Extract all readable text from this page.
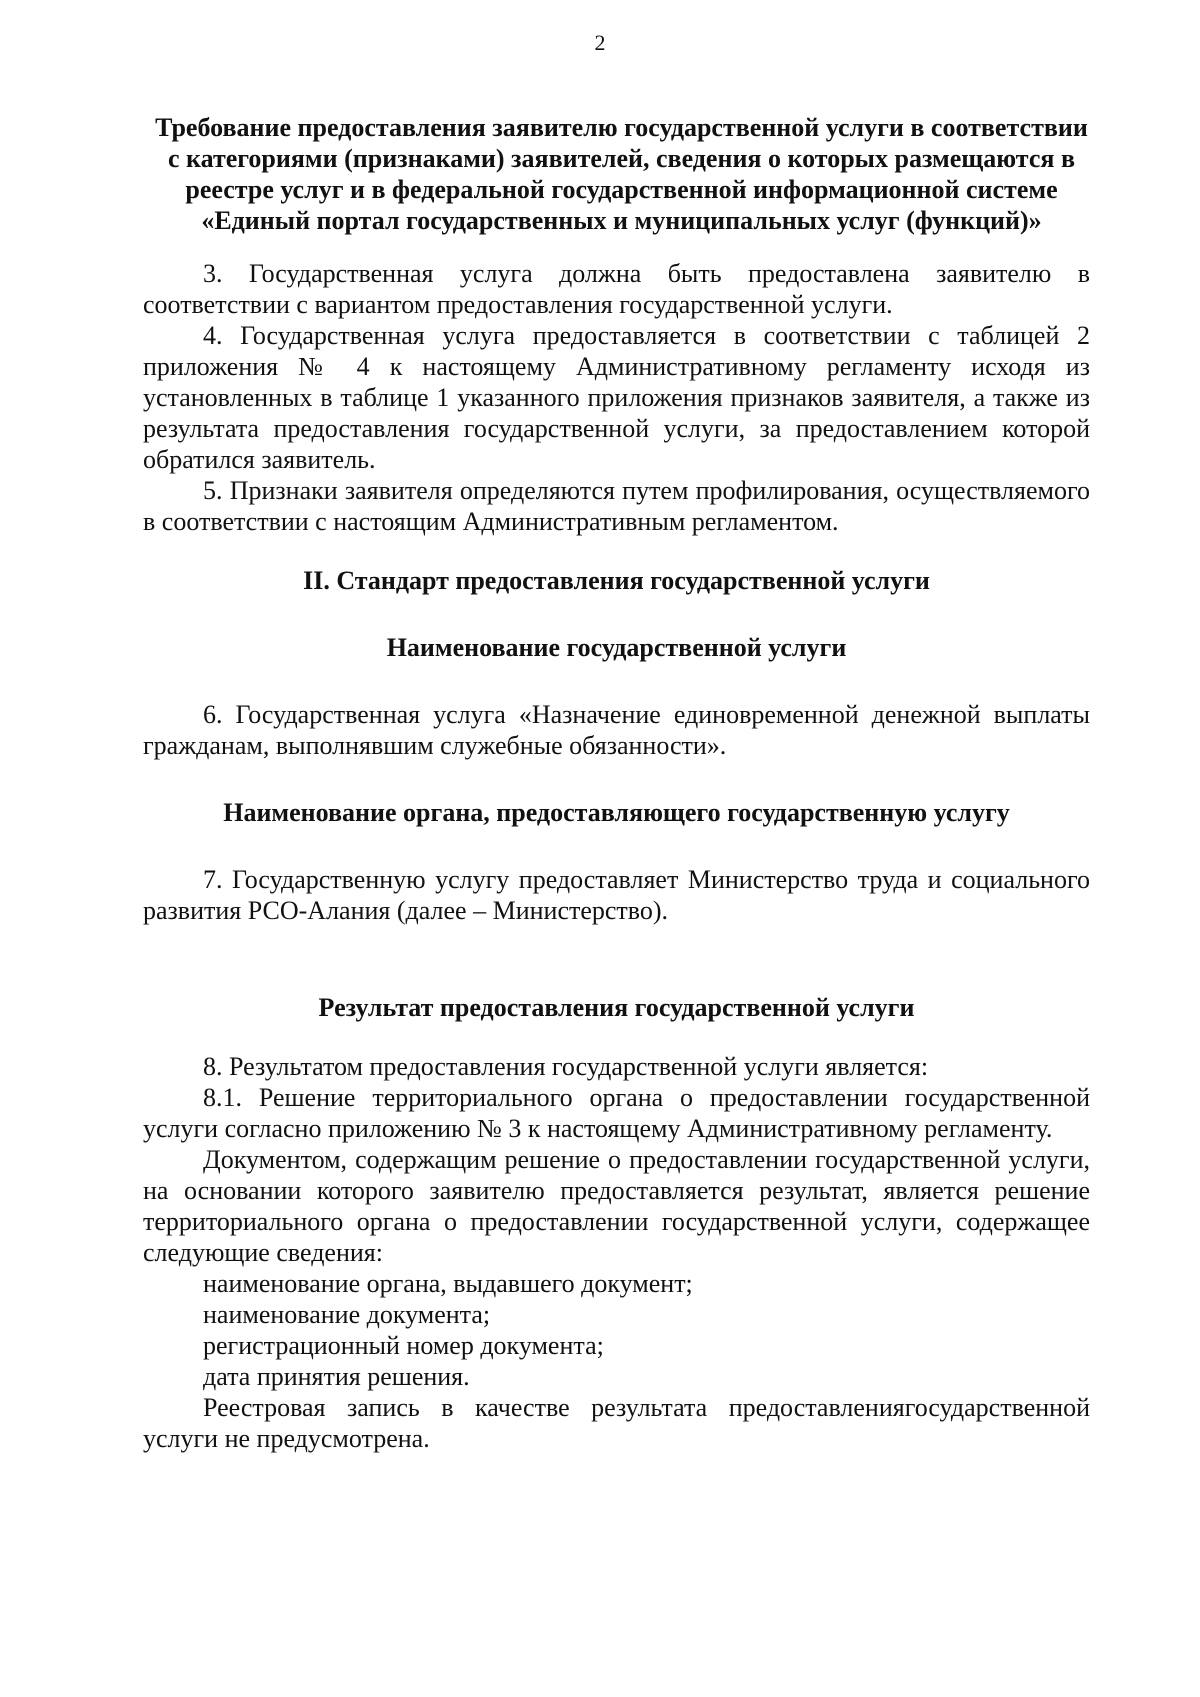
2
Требование предоставления заявителю государственной услуги в соответствии с категориями (признаками) заявителей, сведения о которых размещаются в реестре услуг и в федеральной государственной информационной системе «Единый портал государственных и муниципальных услуг (функций)»

3. Государственная услуга должна быть предоставлена заявителю в соответствии с вариантом предоставления государственной услуги.

4. Государственная услуга предоставляется в соответствии с таблицей 2 приложения № 4 к настоящему Административному регламенту исходя из установленных в таблице 1 указанного приложения признаков заявителя, а также из результата предоставления государственной услуги, за предоставлением которой обратился заявитель.

5. Признаки заявителя определяются путем профилирования, осуществляемого в соответствии с настоящим Административным регламентом.

II. Стандарт предоставления государственной услуги
Наименование государственной услуги

6. Государственная услуга «Назначение единовременной денежной выплаты гражданам, выполнявшим служебные обязанности».

Наименование органа, предоставляющего государственную услугу

7. Государственную услугу предоставляет Министерство труда и социального развития РСО-Алания (далее – Министерство).

Результат предоставления государственной услуги

8. Результатом предоставления государственной услуги является:

8.1. Решение территориального органа о предоставлении государственной услуги согласно приложению № 3 к настоящему Административному регламенту.

Документом, содержащим решение о предоставлении государственной услуги, на основании которого заявителю предоставляется результат, является решение территориального органа о предоставлении государственной услуги, содержащее следующие сведения:

наименование органа, выдавшего документ;

наименование документа;

регистрационный номер документа;

дата принятия решения.

Реестровая запись в качестве результата предоставлениягосударственной услуги не предусмотрена.
